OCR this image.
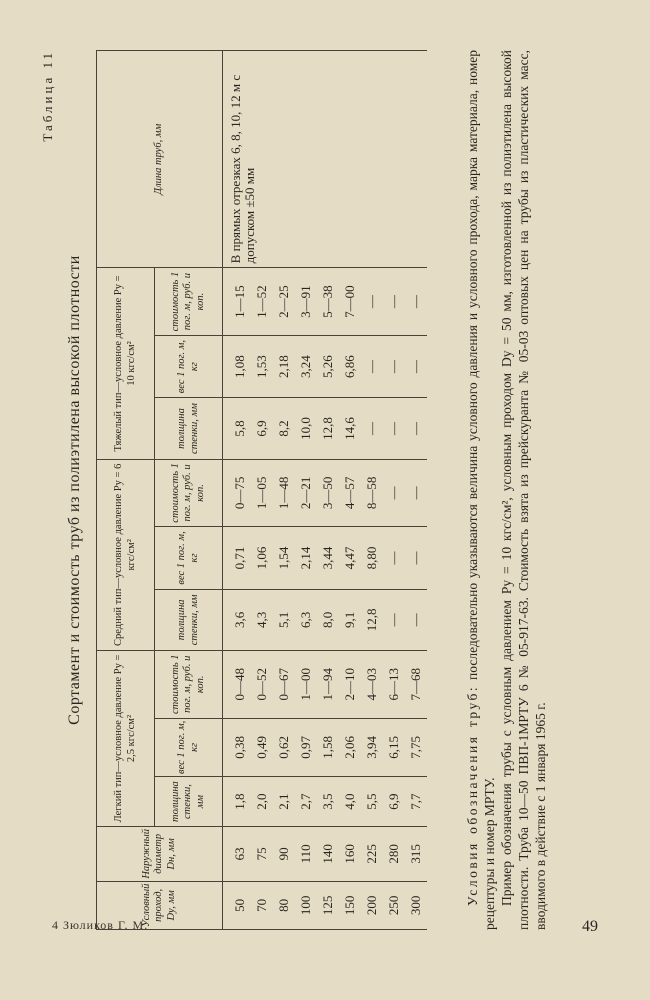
Таблица 11
Сортамент и стоимость труб из полиэтилена высокой плотности
Условный проход, Dу, мм	Наружный диаметр Dн, мм	Легкий тип—условное давление Pу = 2,5 кгс/см²			Средний тип—условное давление Pу = 6 кгс/см²			Тяжелый тип—условное давление Pу = 10 кгс/см²			Длина труб, мм
		толщина стенки, мм	вес 1 пог. м, кг	стоимость 1 пог. м, руб. и коп.	толщина стенки, мм	вес 1 пог. м, кг	стоимость 1 пог. м, руб. и коп.	толщина стенки, мм	вес 1 пог. м, кг	стоимость 1 пог. м, руб. и коп.	
50	63	1,8	0,38	0—48	3,6	0,71	0—75	5,8	1,08	1—15	В прямых отрезках 6, 8, 10, 12 м с допуском ±50 мм
70	75	2,0	0,49	0—52	4,3	1,06	1—05	6,9	1,53	1—52	
80	90	2,1	0,62	0—67	5,1	1,54	1—48	8,2	2,18	2—25	
100	110	2,7	0,97	1—00	6,3	2,14	2—21	10,0	3,24	3—91	
125	140	3,5	1,58	1—94	8,0	3,44	3—50	12,8	5,26	5—38	
150	160	4,0	2,06	2—10	9,1	4,47	4—57	14,6	6,86	7—00	
200	225	5,5	3,94	4—03	12,8	8,80	8—58	—	—	—	
250	280	6,9	6,15	6—13	—	—	—	—	—	—	
300	315	7,7	7,75	7—68	—	—	—	—	—	—	

Условия обозначения труб: последовательно указываются величина условного давления и условного прохода, марка материала, номер рецептуры и номер МРТУ. Пример обозначения трубы с условным давлением Pу = 10 кгс/см², условным проходом Dу = 50 мм, изготовленной из полиэтилена высокой плотности. Труба 10—50 ПВП-1МРТУ 6 № 05-917-63. Стоимость взята из прейскуранта № 05-03 оптовых цен на трубы из пластических масс, вводимого в действие с 1 января 1965 г.

4 Зюликов Г. М.	49
